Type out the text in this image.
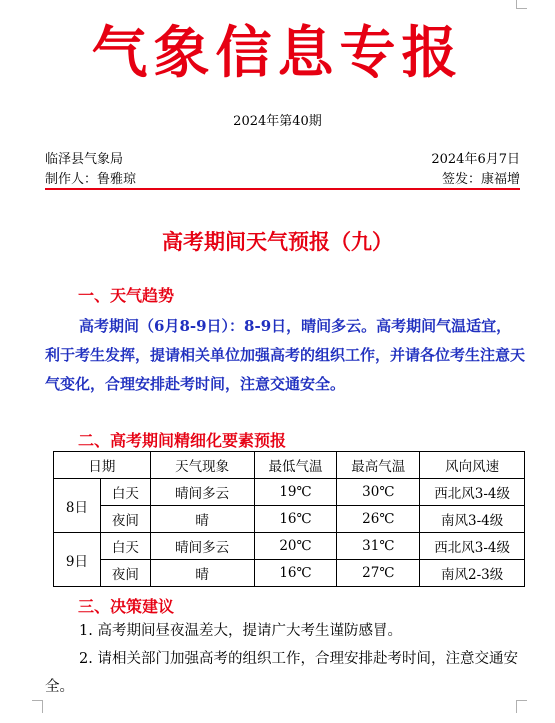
气象信息专报
2024年第40期
临泽县气象局	2024年6月7日
制作人：鲁雅琼	签发：康福增
高考期间天气预报（九）
一、天气趋势
高考期间（6月8-9日）：8-9日，晴间多云。高考期间气温适宜，利于考生发挥，提请相关单位加强高考的组织工作，并请各位考生注意天气变化，合理安排赴考时间，注意交通安全。
二、高考期间精细化要素预报
日期		天气现象	最低气温	最高气温	风向风速
8日	白天	晴间多云	19℃	30℃	西北风3-4级
	夜间	晴	16℃	26℃	南风3-4级
9日	白天	晴间多云	20℃	31℃	西北风3-4级
	夜间	晴	16℃	27℃	南风2-3级
三、决策建议
1. 高考期间昼夜温差大，提请广大考生谨防感冒。
2. 请相关部门加强高考的组织工作，合理安排赴考时间，注意交通安全。
